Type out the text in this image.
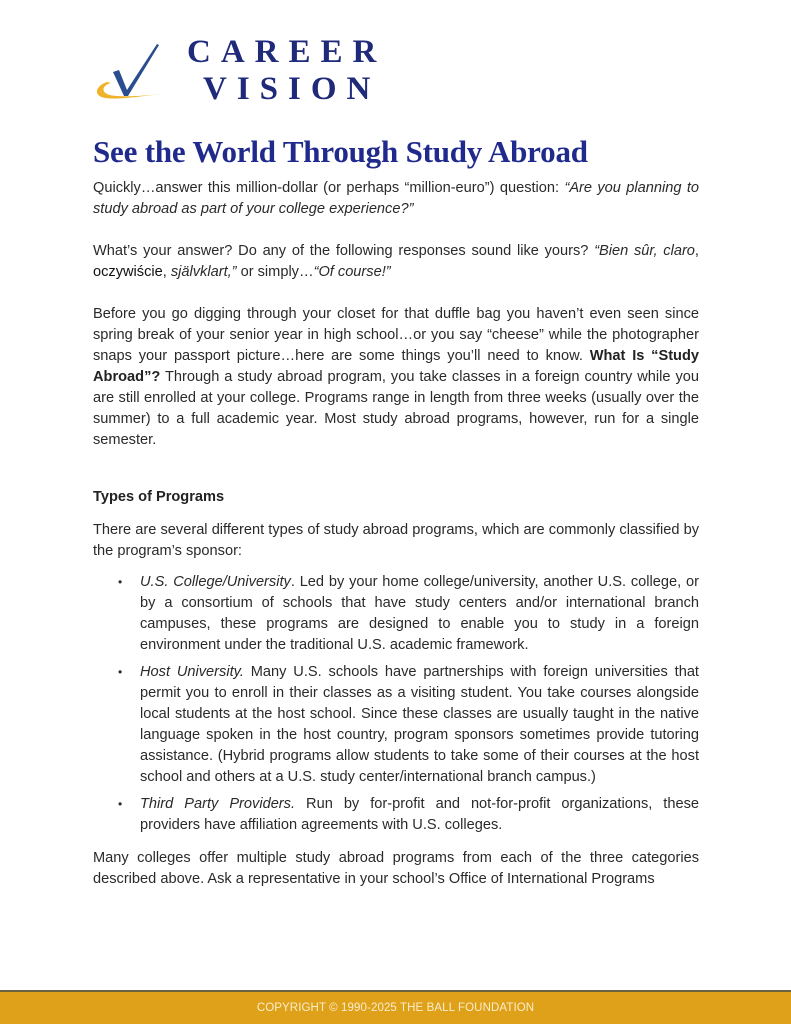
CAREER
VISION
See the World Through Study Abroad

Quickly…answer this million-dollar (or perhaps “million-euro”) question: “Are you planning to study abroad as part of your college experience?”

What’s your answer? Do any of the following responses sound like yours? “Bien sûr, claro, oczywiście, självklart,” or simply…“Of course!”

Before you go digging through your closet for that duffle bag you haven’t even seen since spring break of your senior year in high school…or you say “cheese” while the photographer snaps your passport picture…here are some things you’ll need to know. What Is “Study Abroad”? Through a study abroad program, you take classes in a foreign country while you are still enrolled at your college. Programs range in length from three weeks (usually over the summer) to a full academic year. Most study abroad programs, however, run for a single semester.

Types of Programs

There are several different types of study abroad programs, which are commonly classified by the program’s sponsor:

• U.S. College/University. Led by your home college/university, another U.S. college, or by a consortium of schools that have study centers and/or international branch campuses, these programs are designed to enable you to study in a foreign environment under the traditional U.S. academic framework.
• Host University. Many U.S. schools have partnerships with foreign universities that permit you to enroll in their classes as a visiting student. You take courses alongside local students at the host school. Since these classes are usually taught in the native language spoken in the host country, program sponsors sometimes provide tutoring assistance. (Hybrid programs allow students to take some of their courses at the host school and others at a U.S. study center/international branch campus.)
• Third Party Providers. Run by for-profit and not-for-profit organizations, these providers have affiliation agreements with U.S. colleges.

Many colleges offer multiple study abroad programs from each of the three categories described above. Ask a representative in your school’s Office of International Programs

COPYRIGHT © 1990-2025 THE BALL FOUNDATION
